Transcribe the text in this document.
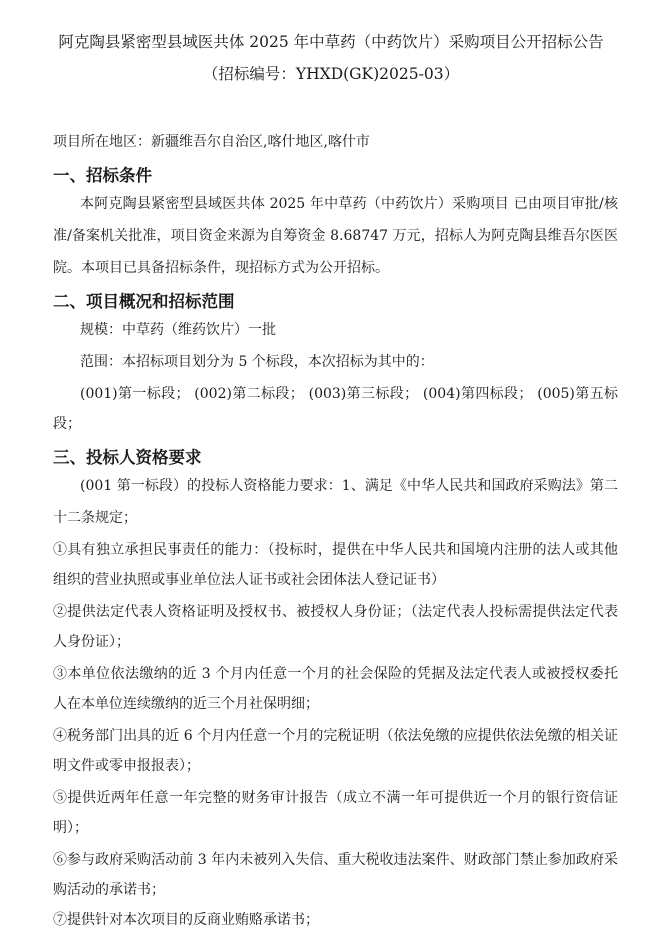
阿克陶县紧密型县域医共体 2025 年中草药（中药饮片）采购项目公开招标公告
（招标编号：YHXD(GK)2025-03）
项目所在地区：新疆维吾尔自治区,喀什地区,喀什市
一、招标条件
本阿克陶县紧密型县域医共体 2025 年中草药（中药饮片）采购项目 已由项目审批/核
准/备案机关批准，项目资金来源为自筹资金 8.68747 万元，招标人为阿克陶县维吾尔医医
院。本项目已具备招标条件，现招标方式为公开招标。
二、项目概况和招标范围
规模：中草药（维药饮片）一批
范围：本招标项目划分为 5 个标段，本次招标为其中的：
(001)第一标段； (002)第二标段； (003)第三标段； (004)第四标段； (005)第五标
段；
三、投标人资格要求
(001 第一标段）的投标人资格能力要求：1、满足《中华人民共和国政府采购法》第二
十二条规定；
①具有独立承担民事责任的能力：（投标时，提供在中华人民共和国境内注册的法人或其他
组织的营业执照或事业单位法人证书或社会团体法人登记证书）
②提供法定代表人资格证明及授权书、被授权人身份证；（法定代表人投标需提供法定代表
人身份证）；
③本单位依法缴纳的近 3 个月内任意一个月的社会保险的凭据及法定代表人或被授权委托
人在本单位连续缴纳的近三个月社保明细；
④税务部门出具的近 6 个月内任意一个月的完税证明（依法免缴的应提供依法免缴的相关证
明文件或零申报报表）；
⑤提供近两年任意一年完整的财务审计报告（成立不满一年可提供近一个月的银行资信证
明）；
⑥参与政府采购活动前 3 年内未被列入失信、重大税收违法案件、财政部门禁止参加政府采
购活动的承诺书；
⑦提供针对本次项目的反商业贿赂承诺书；
